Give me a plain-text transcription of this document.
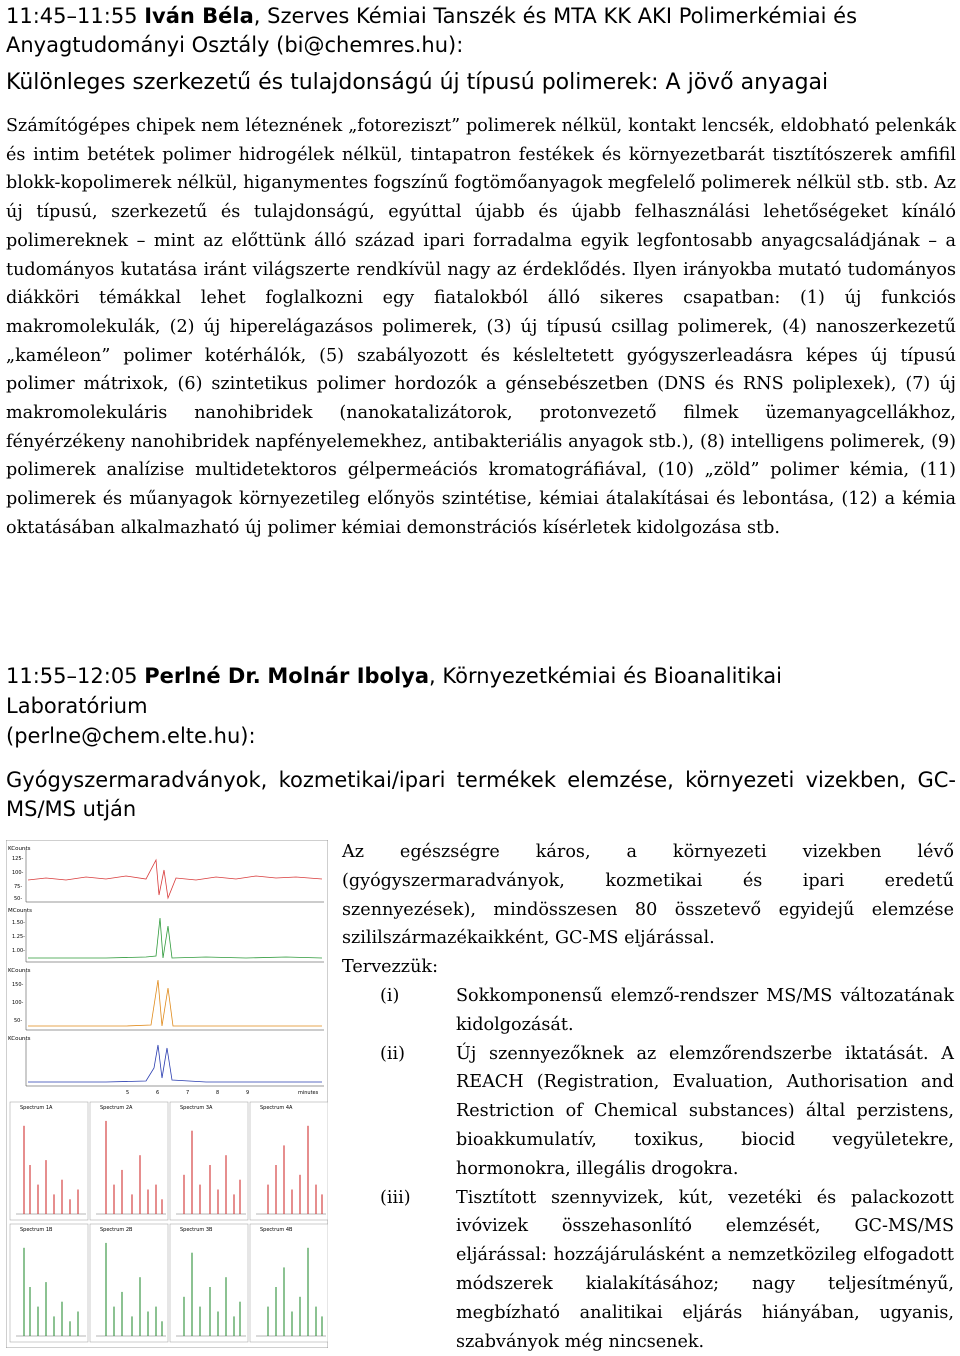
11:45–11:55 Iván Béla, Szerves Kémiai Tanszék és MTA KK AKI Polimerkémiai és
Anyagtudományi Osztály (bi@chemres.hu):
Különleges szerkezetű és tulajdonságú új típusú polimerek: A jövő anyagai
Számítógépes chipek nem léteznének „fotoreziszt” polimerek nélkül, kontakt lencsék, eldobható pelenkák és intim betétek polimer hidrogélek nélkül, tintapatron festékek és környezetbarát tisztítószerek amfifil blokk-kopolimerek nélkül, higanymentes fogszínű fogtömőanyagok megfelelő polimerek nélkül stb. stb. Az új típusú, szerkezetű és tulajdonságú, egyúttal újabb és újabb felhasználási lehetőségeket kínáló polimereknek – mint az előttünk álló század ipari forradalma egyik legfontosabb anyagcsaládjának – a tudományos kutatása iránt világszerte rendkívül nagy az érdeklődés. Ilyen irányokba mutató tudományos diákköri témákkal lehet foglalkozni egy fiatalokból álló sikeres csapatban: (1) új funkciós makromolekulák, (2) új hiperelágazásos polimerek, (3) új típusú csillag polimerek, (4) nanoszerkezetű „kaméleon” polimer kotérhálók, (5) szabályozott és késleltetett gyógyszerleadásra képes új típusú polimer mátrixok, (6) szintetikus polimer hordozók a génsebészetben (DNS és RNS poliplexek), (7) új makromolekuláris nanohibridek (nanokatalizátorok, protonvezető filmek üzemanyagcellákhoz, fényérzékeny nanohibridek napfényelemekhez, antibakteriális anyagok stb.), (8) intelligens polimerek, (9) polimerek analízise multidetektoros gélpermeációs kromatográfiával, (10) „zöld” polimer kémia, (11) polimerek és műanyagok környezetileg előnyös szintétise, kémiai átalakításai és lebontása, (12) a kémia oktatásában alkalmazható új polimer kémiai demonstrációs kísérletek kidolgozása stb.
11:55–12:05 Perlné Dr. Molnár Ibolya, Környezetkémiai és Bioanalitikai
Laboratórium
(perlne@chem.elte.hu):
Gyógyszermaradványok, kozmetikai/ipari termékek elemzése, környezeti vizekben, GC-MS/MS utján
KCounts
125-
100-
75-
50-
MCounts
1.50-
1.25-
1.00-
KCounts
150-
100-
50-
KCounts
5	6	7	8	9	minutes
Spectrum 1A	Spectrum 2A	Spectrum 3A	Spectrum 4A
Spectrum 1B	Spectrum 2B	Spectrum 3B	Spectrum 4B

Az egészségre káros, a környezeti vizekben lévő (gyógyszermaradványok, kozmetikai és ipari eredetű szennyezések), mindösszesen 80 összetevő egyidejű elemzése szililszármazékaikként, GC-MS eljárással.

Tervezzük:

(i)	Sokkomponensű elemző-rendszer MS/MS változatának kidolgozását.
(ii)	Új szennyezőknek az elemzőrendszerbe iktatását. A REACH (Registration, Evaluation, Authorisation and Restriction of Chemical substances) által perzistens, bioakkumulatív, toxikus, biocid vegyületekre, hormonokra, illegális drogokra.
(iii)	Tisztított szennyvizek, kút, vezetéki és palackozott ivóvizek összehasonlító elemzését, GC-MS/MS eljárással: hozzájárulásként a nemzetközileg elfogadott módszerek kialakításához; nagy teljesítményű, megbízható analitikai eljárás hiányában, ugyanis, szabványok még nincsenek.
